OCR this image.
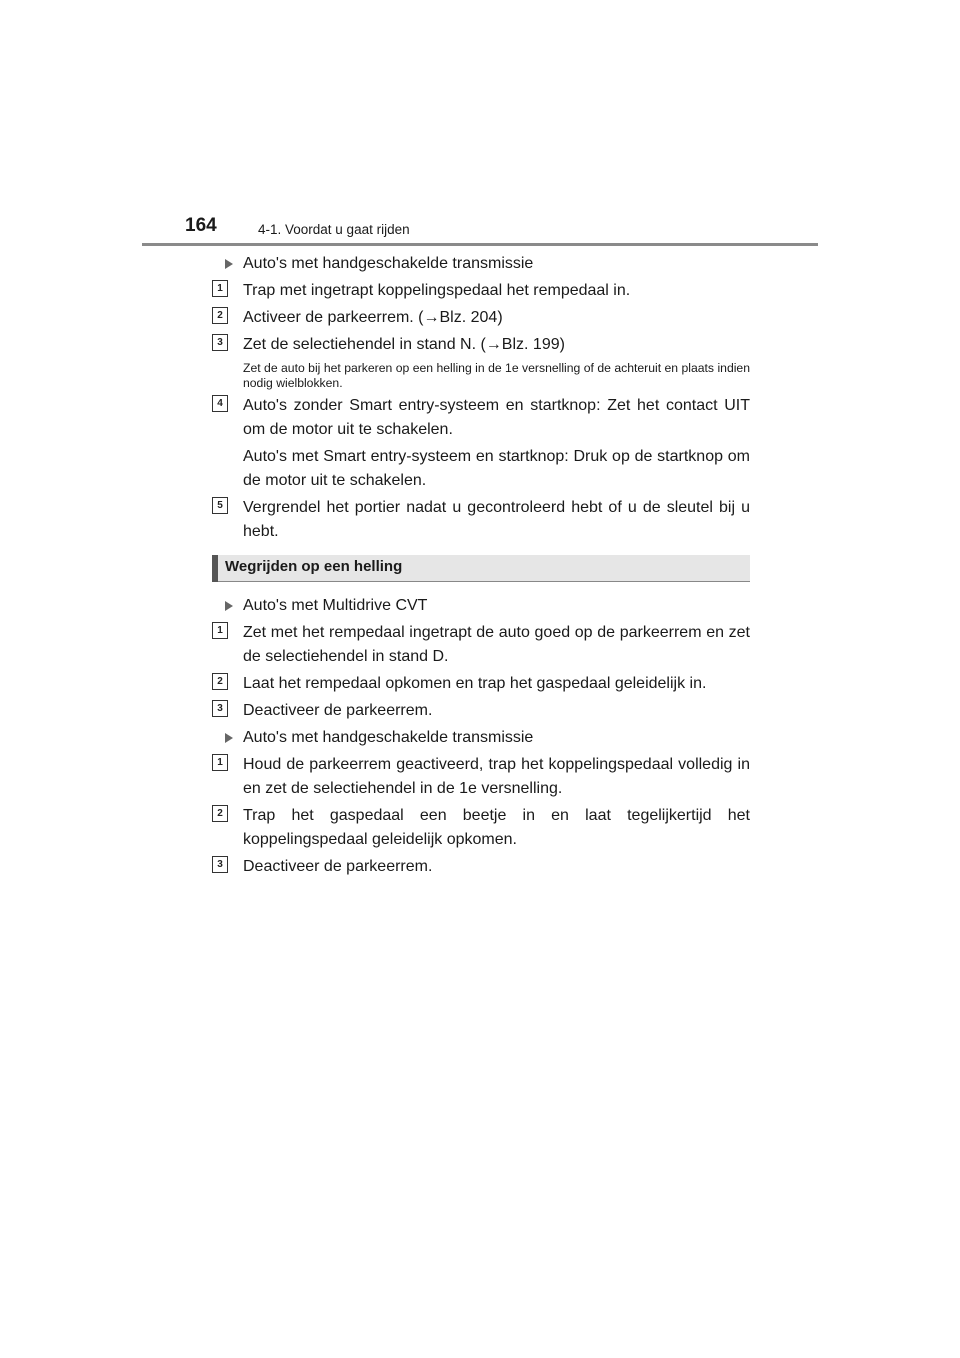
164	4-1. Voordat u gaat rijden
Auto's met handgeschakelde transmissie
1	Trap met ingetrapt koppelingspedaal het rempedaal in.
2	Activeer de parkeerrem. (→Blz. 204)
3	Zet de selectiehendel in stand N. (→Blz. 199)
Zet de auto bij het parkeren op een helling in de 1e versnelling of de achteruit en plaats indien nodig wielblokken.
4	Auto's zonder Smart entry-systeem en startknop: Zet het contact UIT om de motor uit te schakelen.
Auto's met Smart entry-systeem en startknop: Druk op de startknop om de motor uit te schakelen.
5	Vergrendel het portier nadat u gecontroleerd hebt of u de sleutel bij u hebt.
Wegrijden op een helling
Auto's met Multidrive CVT
1	Zet met het rempedaal ingetrapt de auto goed op de parkeerrem en zet de selectiehendel in stand D.
2	Laat het rempedaal opkomen en trap het gaspedaal geleidelijk in.
3	Deactiveer de parkeerrem.
Auto's met handgeschakelde transmissie
1	Houd de parkeerrem geactiveerd, trap het koppelingspedaal volledig in en zet de selectiehendel in de 1e versnelling.
2	Trap het gaspedaal een beetje in en laat tegelijkertijd het koppelingspedaal geleidelijk opkomen.
3	Deactiveer de parkeerrem.
